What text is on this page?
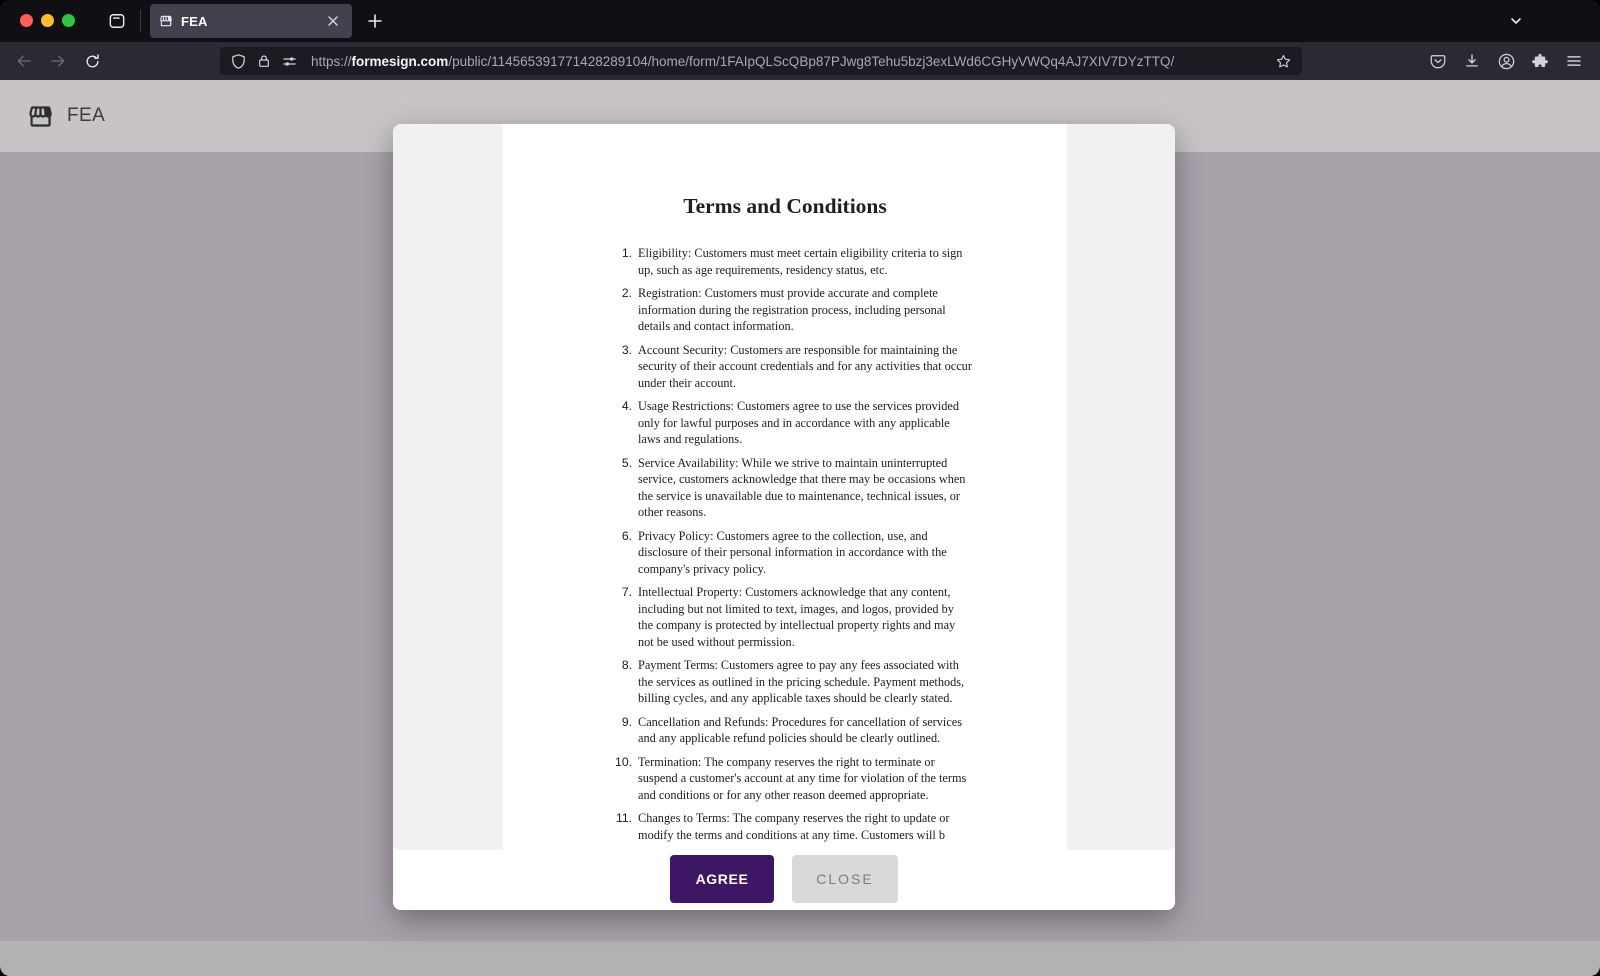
FEA
https://formesign.com/public/114565391771428289104/home/form/1FAIpQLScQBp87PJwg8Tehu5bzj3exLWd6CGHyVWQq4AJ7XIV7DYzTTQ/
FEA
Terms and Conditions
Eligibility: Customers must meet certain eligibility criteria to sign up, such as age requirements, residency status, etc.
Registration: Customers must provide accurate and complete information during the registration process, including personal details and contact information.
Account Security: Customers are responsible for maintaining the security of their account credentials and for any activities that occur under their account.
Usage Restrictions: Customers agree to use the services provided only for lawful purposes and in accordance with any applicable laws and regulations.
Service Availability: While we strive to maintain uninterrupted service, customers acknowledge that there may be occasions when the service is unavailable due to maintenance, technical issues, or other reasons.
Privacy Policy: Customers agree to the collection, use, and disclosure of their personal information in accordance with the company's privacy policy.
Intellectual Property: Customers acknowledge that any content, including but not limited to text, images, and logos, provided by the company is protected by intellectual property rights and may not be used without permission.
Payment Terms: Customers agree to pay any fees associated with the services as outlined in the pricing schedule. Payment methods, billing cycles, and any applicable taxes should be clearly stated.
Cancellation and Refunds: Procedures for cancellation of services and any applicable refund policies should be clearly outlined.
Termination: The company reserves the right to terminate or suspend a customer's account at any time for violation of the terms and conditions or for any other reason deemed appropriate.
Changes to Terms: The company reserves the right to update or modify the terms and conditions at any time. Customers will b
AGREE	CLOSE
